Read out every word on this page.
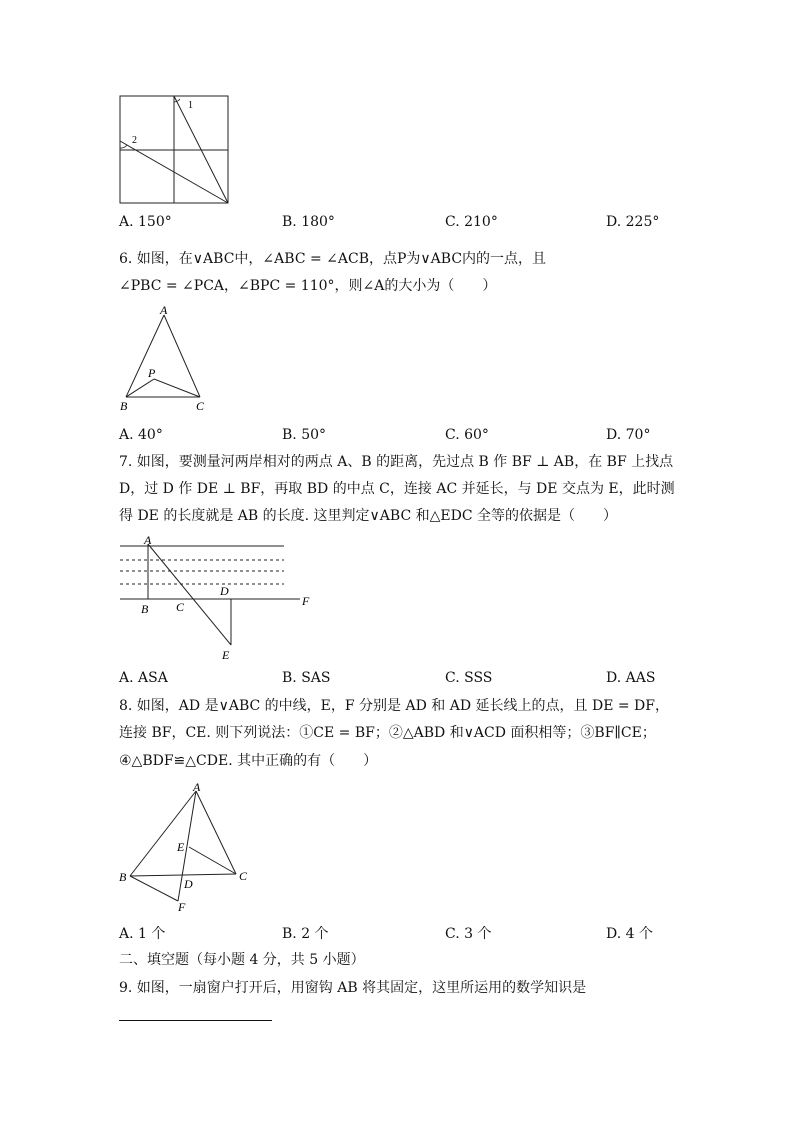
1
2
A. 150°	B. 180°	C. 210°	D. 225°
6. 如图，在∨ABC中，∠ABC = ∠ACB，点P为∨ABC内的一点，且
∠PBC = ∠PCA，∠BPC = 110°，则∠A的大小为（　　）
A
B	C
P
A. 40°	B. 50°	C. 60°	D. 70°
7. 如图，要测量河两岸相对的两点 A、B 的距离，先过点 B 作 BF ⊥ AB，在 BF 上找点
D，过 D 作 DE ⊥ BF，再取 BD 的中点 C，连接 AC 并延长，与 DE 交点为 E，此时测
得 DE 的长度就是 AB 的长度. 这里判定∨ABC 和△EDC 全等的依据是（　　）
A
B C
D
E
F
A. ASA	B. SAS	C. SSS	D. AAS
8. 如图，AD 是∨ABC 的中线，E，F 分别是 AD 和 AD 延长线上的点，且 DE = DF，
连接 BF，CE. 则下列说法：①CE = BF；②△ABD 和∨ACD 面积相等；③BF∥CE；
④△BDF≌△CDE. 其中正确的有（　　）
A
B	C
D
E
F
A. 1 个	B. 2 个	C. 3 个	D. 4 个
二、填空题（每小题 4 分，共 5 小题）
9. 如图，一扇窗户打开后，用窗钩 AB 将其固定，这里所运用的数学知识是
